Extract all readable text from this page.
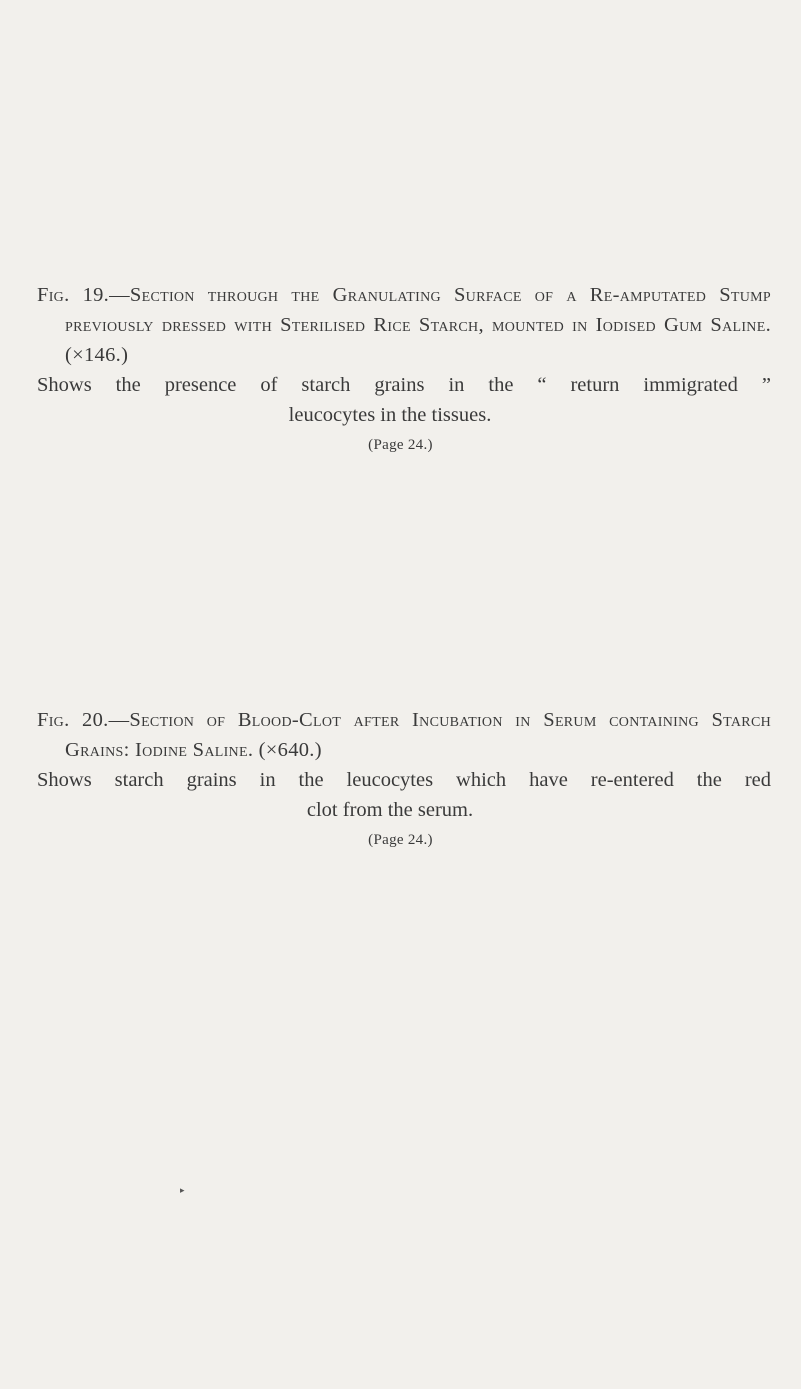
Fig. 19.—Section through the Granulating Surface of a Re-amputated Stump previously dressed with Sterilised Rice Starch, mounted in Iodised Gum Saline. (×146.)
Shows the presence of starch grains in the “ return immigrated ”
leucocytes in the tissues.
(Page 24.)
Fig. 20.—Section of Blood-Clot after Incubation in Serum containing Starch Grains: Iodine Saline. (×640.)
Shows starch grains in the leucocytes which have re-entered the red
clot from the serum.
(Page 24.)
▸
